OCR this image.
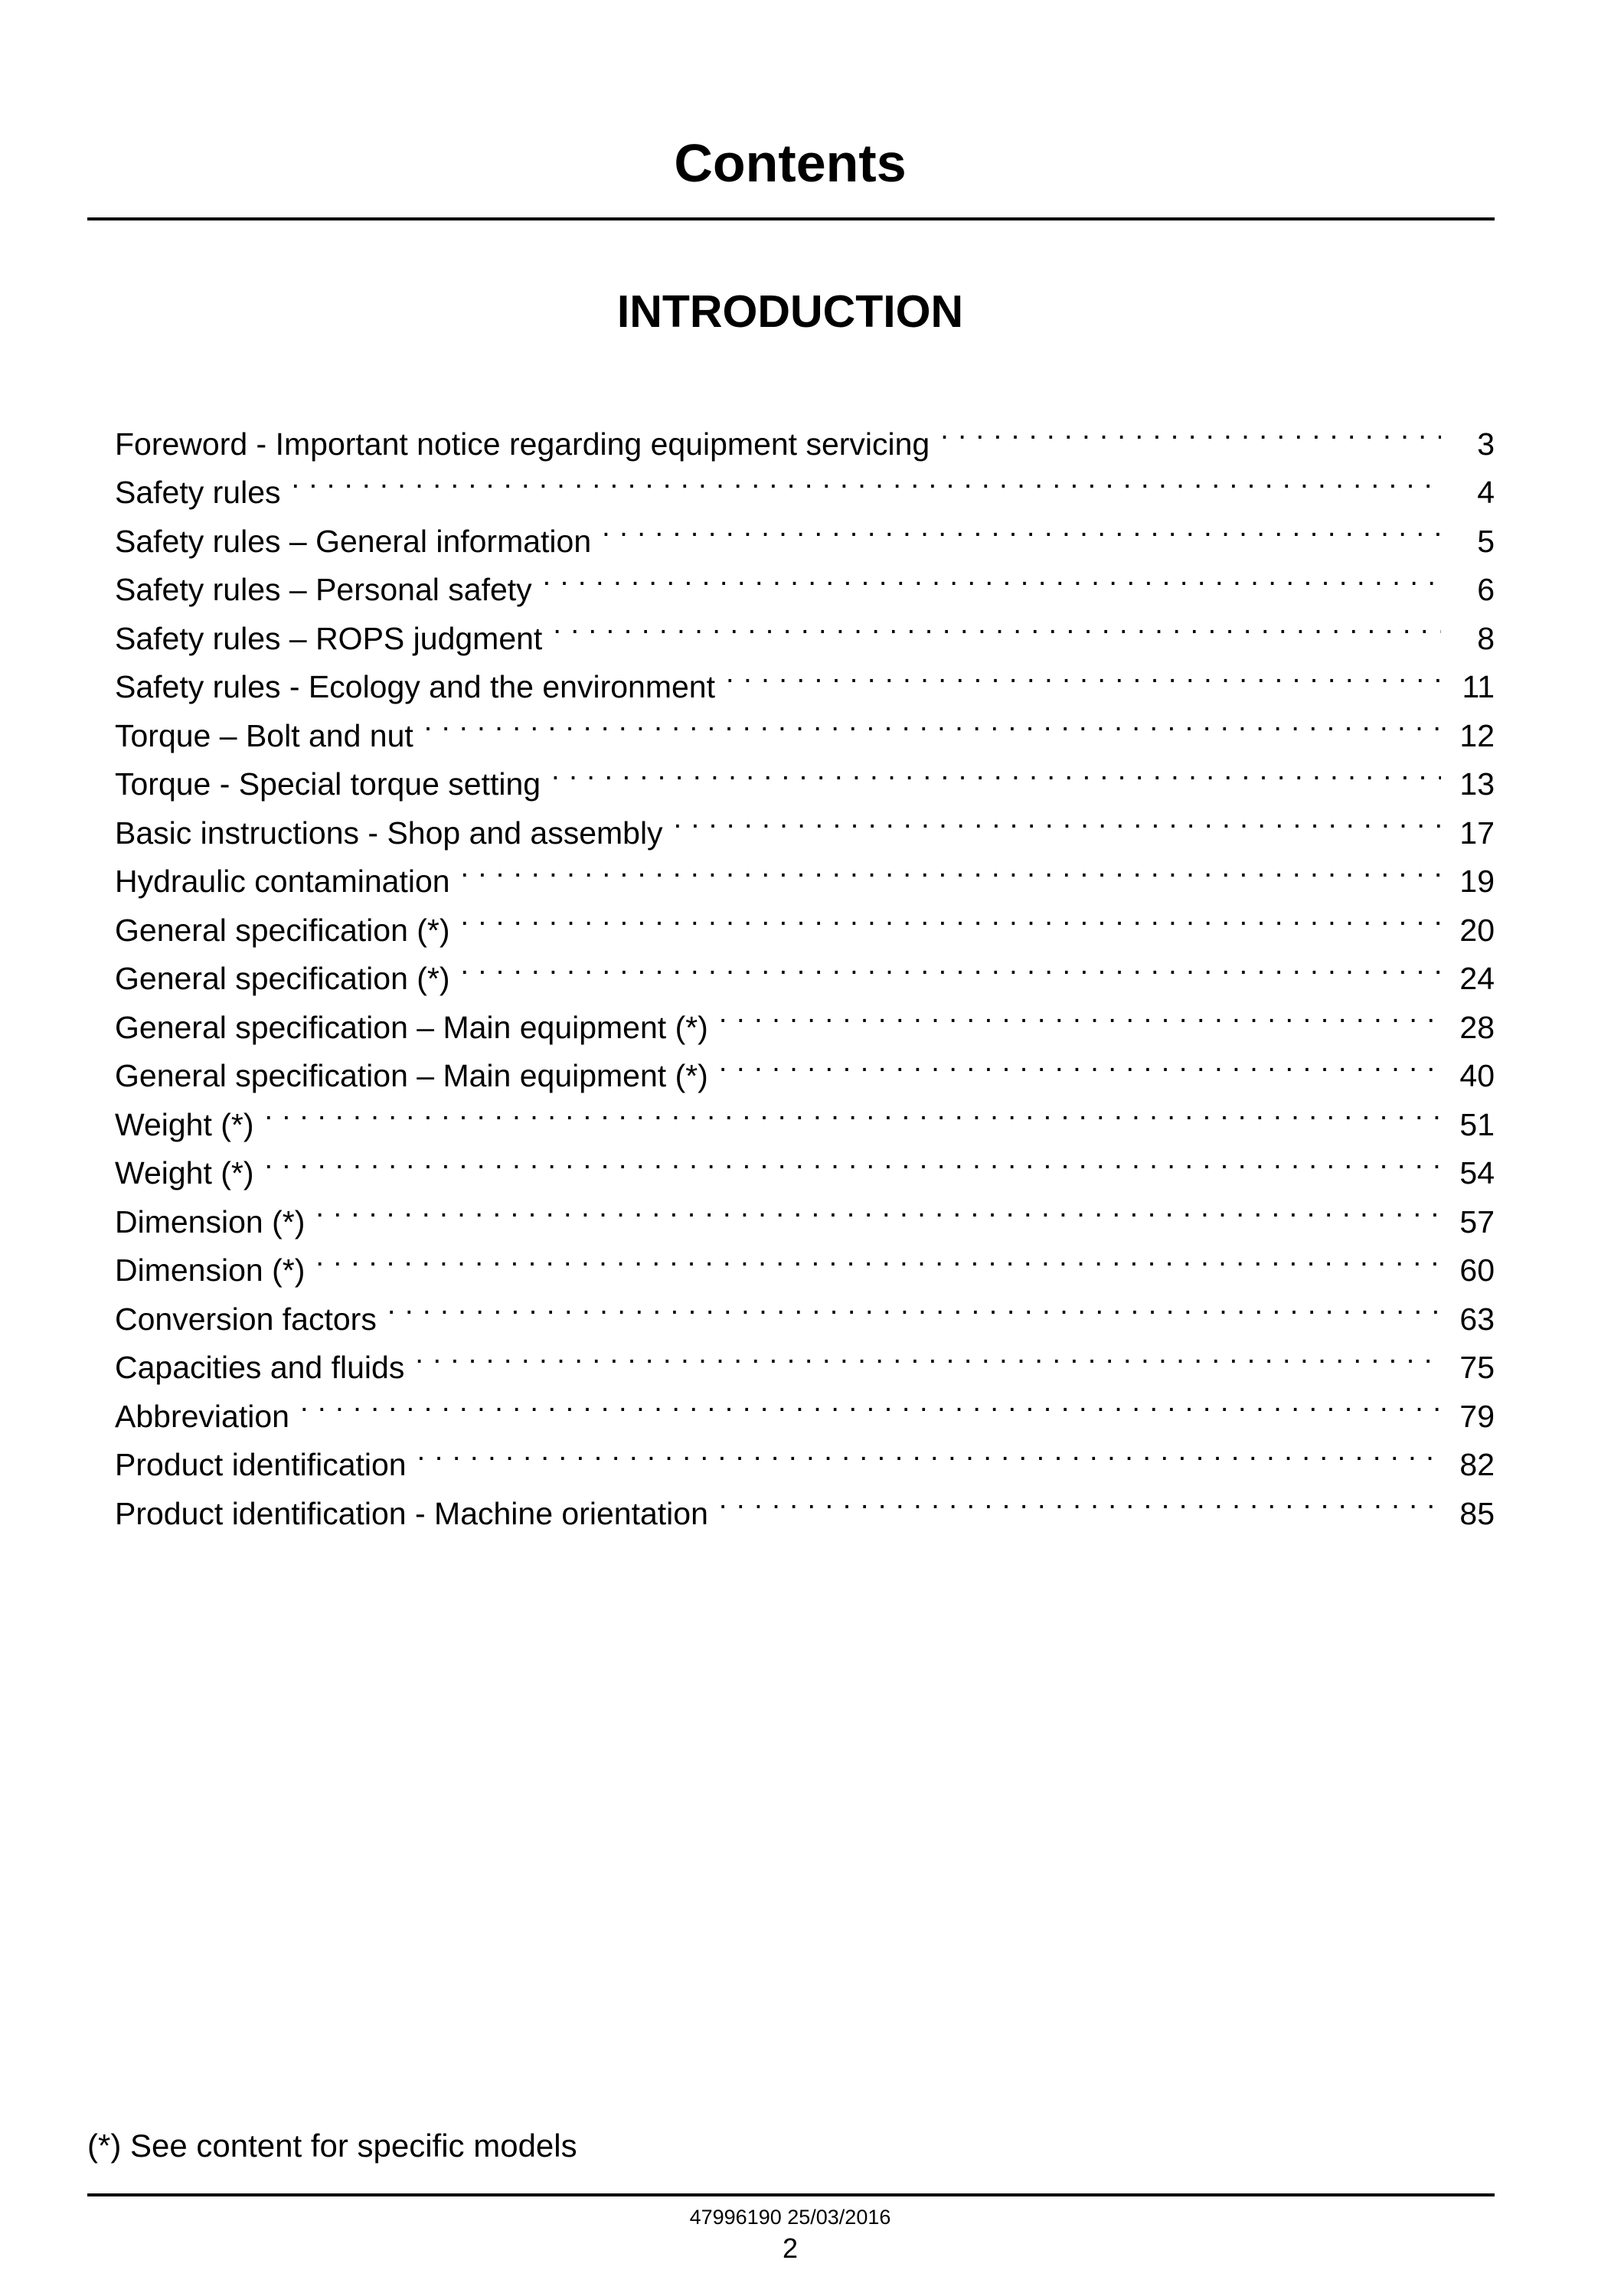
Contents
INTRODUCTION
Foreword - Important notice regarding equipment servicing . . .	3
Safety rules . . .	4
Safety rules – General information . . .	5
Safety rules – Personal safety . . .	6
Safety rules – ROPS judgment . . .	8
Safety rules - Ecology and the environment . . .	11
Torque – Bolt and nut . . .	12
Torque - Special torque setting . . .	13
Basic instructions - Shop and assembly . . .	17
Hydraulic contamination . . .	19
General specification (*) . . .	20
General specification (*) . . .	24
General specification – Main equipment (*) . . .	28
General specification – Main equipment (*) . . .	40
Weight (*) . . .	51
Weight (*) . . .	54
Dimension (*) . . .	57
Dimension (*) . . .	60
Conversion factors . . .	63
Capacities and fluids . . .	75
Abbreviation . . .	79
Product identification . . .	82
Product identification - Machine orientation . . .	85
(*) See content for specific models
47996190 25/03/2016
2
